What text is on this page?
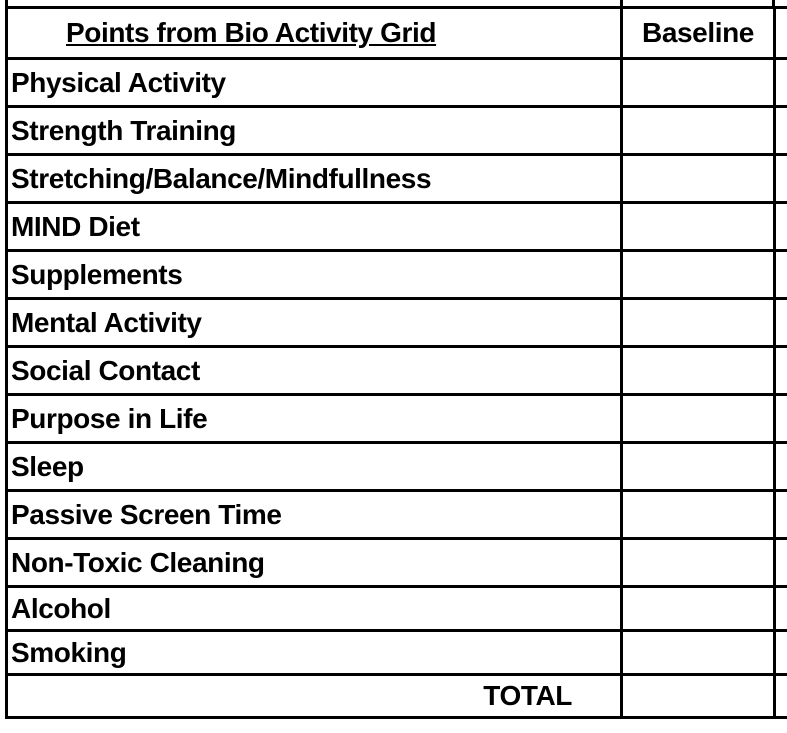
Points from Bio Activity Grid	Baseline	
Physical Activity		
Strength Training		
Stretching/Balance/Mindfullness		
MIND Diet		
Supplements		
Mental Activity		
Social Contact		
Purpose in Life		
Sleep		
Passive Screen Time		
Non-Toxic Cleaning		
Alcohol		
Smoking		
TOTAL		
